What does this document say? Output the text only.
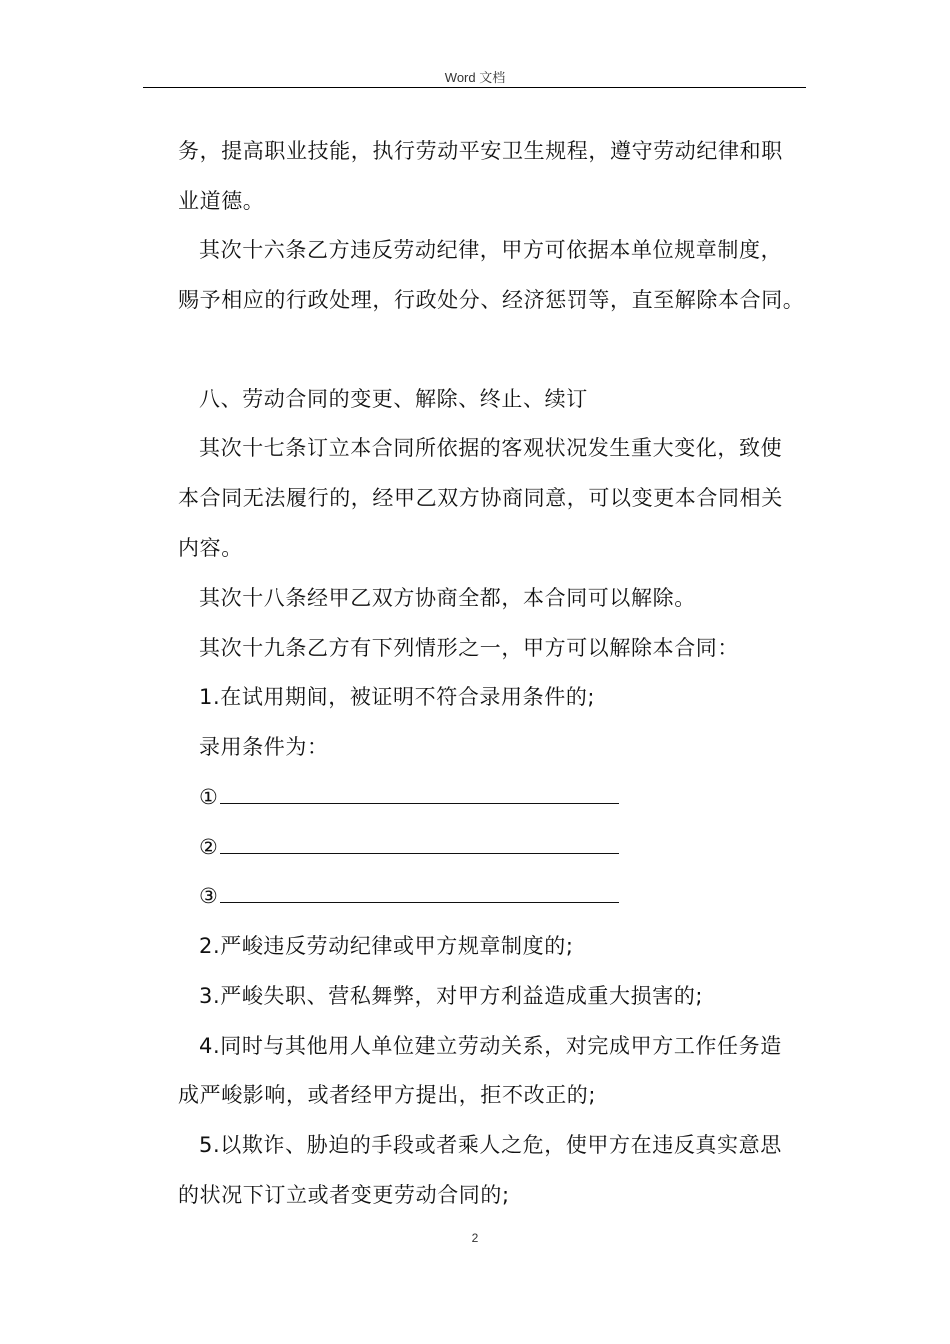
Word 文档
务，提高职业技能，执行劳动平安卫生规程，遵守劳动纪律和职
业道德。
其次十六条乙方违反劳动纪律，甲方可依据本单位规章制度，
赐予相应的行政处理，行政处分、经济惩罚等，直至解除本合同。
八、劳动合同的变更、解除、终止、续订
其次十七条订立本合同所依据的客观状况发生重大变化，致使
本合同无法履行的，经甲乙双方协商同意，可以变更本合同相关
内容。
其次十八条经甲乙双方协商全都，本合同可以解除。
其次十九条乙方有下列情形之一，甲方可以解除本合同：
1.在试用期间，被证明不符合录用条件的;
录用条件为：
①
②
③
2.严峻违反劳动纪律或甲方规章制度的;
3.严峻失职、营私舞弊，对甲方利益造成重大损害的;
4.同时与其他用人单位建立劳动关系，对完成甲方工作任务造
成严峻影响，或者经甲方提出，拒不改正的;
5.以欺诈、胁迫的手段或者乘人之危，使甲方在违反真实意思
的状况下订立或者变更劳动合同的;
2
